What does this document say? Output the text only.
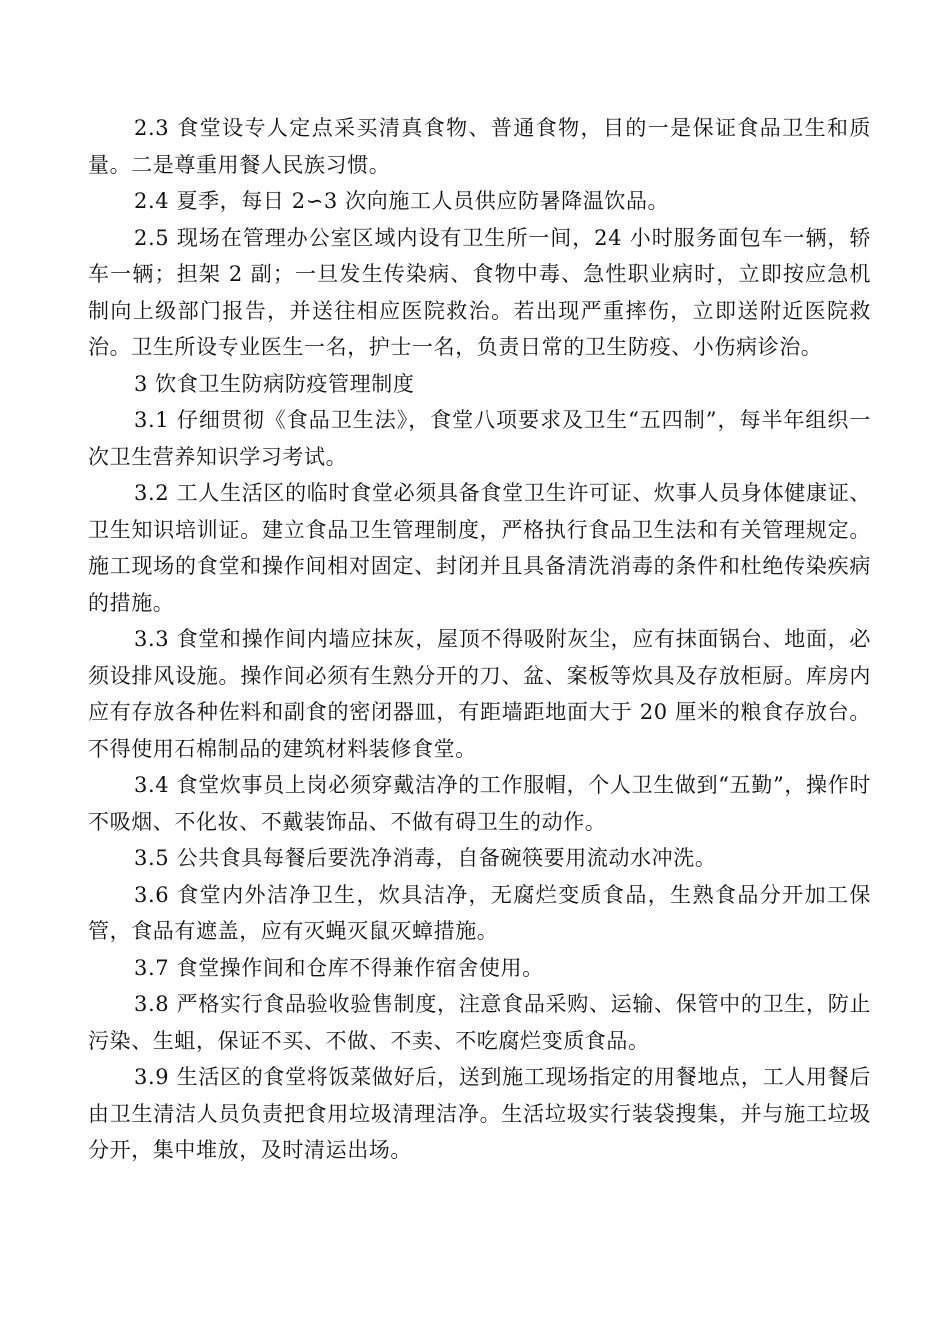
2.3 食堂设专人定点采买清真食物、普通食物，目的一是保证食品卫生和质量。二是尊重用餐人民族习惯。

2.4 夏季，每日 2∽3 次向施工人员供应防暑降温饮品。

2.5 现场在管理办公室区域内设有卫生所一间，24 小时服务面包车一辆，轿车一辆；担架 2 副；一旦发生传染病、食物中毒、急性职业病时，立即按应急机制向上级部门报告，并送往相应医院救治。若出现严重摔伤，立即送附近医院救治。卫生所设专业医生一名，护士一名，负责日常的卫生防疫、小伤病诊治。

3 饮食卫生防病防疫管理制度

3.1 仔细贯彻《食品卫生法》，食堂八项要求及卫生“五四制”，每半年组织一次卫生营养知识学习考试。

3.2 工人生活区的临时食堂必须具备食堂卫生许可证、炊事人员身体健康证、卫生知识培训证。建立食品卫生管理制度，严格执行食品卫生法和有关管理规定。施工现场的食堂和操作间相对固定、封闭并且具备清洗消毒的条件和杜绝传染疾病的措施。

3.3 食堂和操作间内墙应抹灰，屋顶不得吸附灰尘，应有抹面锅台、地面，必须设排风设施。操作间必须有生熟分开的刀、盆、案板等炊具及存放柜厨。库房内应有存放各种佐料和副食的密闭器皿，有距墙距地面大于 20 厘米的粮食存放台。不得使用石棉制品的建筑材料装修食堂。

3.4 食堂炊事员上岗必须穿戴洁净的工作服帽，个人卫生做到“五勤”，操作时不吸烟、不化妆、不戴装饰品、不做有碍卫生的动作。

3.5 公共食具每餐后要洗净消毒，自备碗筷要用流动水冲洗。

3.6 食堂内外洁净卫生，炊具洁净，无腐烂变质食品，生熟食品分开加工保管，食品有遮盖，应有灭蝇灭鼠灭蟑措施。

3.7 食堂操作间和仓库不得兼作宿舍使用。

3.8 严格实行食品验收验售制度，注意食品采购、运输、保管中的卫生，防止污染、生蛆，保证不买、不做、不卖、不吃腐烂变质食品。

3.9 生活区的食堂将饭菜做好后，送到施工现场指定的用餐地点，工人用餐后由卫生清洁人员负责把食用垃圾清理洁净。生活垃圾实行装袋搜集，并与施工垃圾分开，集中堆放，及时清运出场。
